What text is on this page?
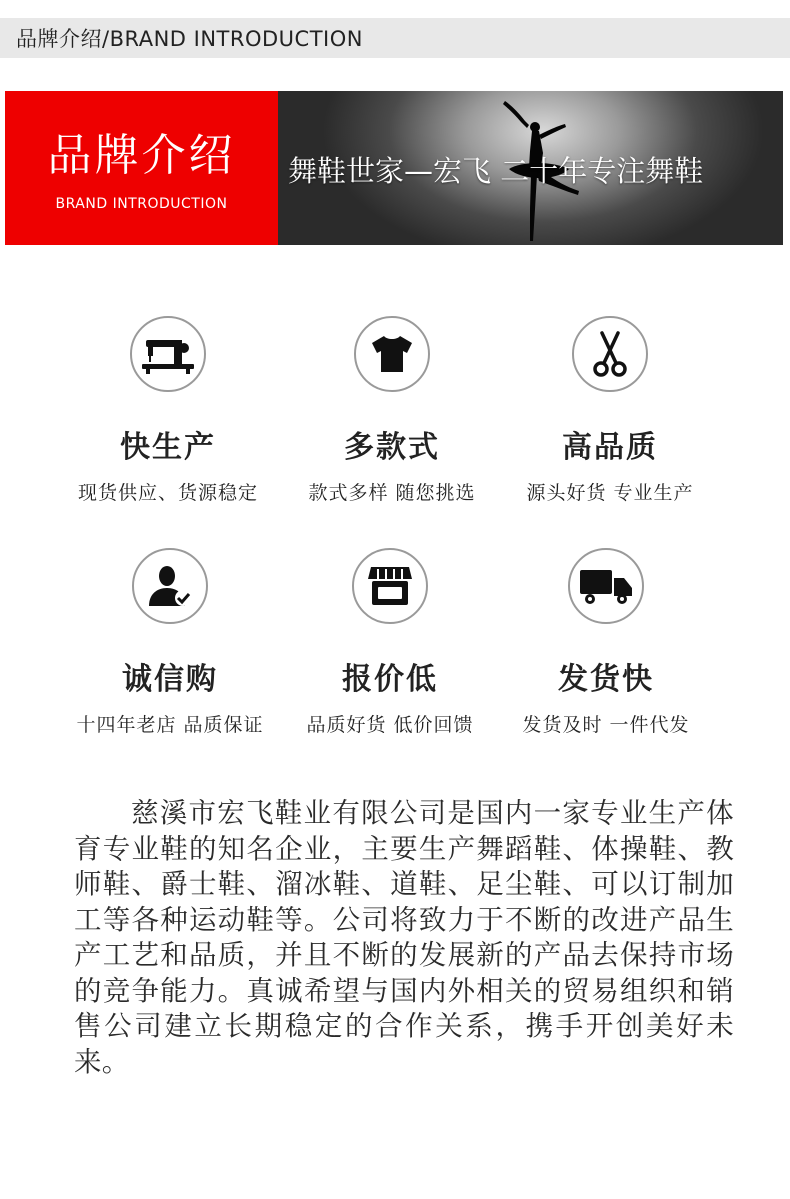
品牌介绍/BRAND INTRODUCTION
品牌介绍
BRAND INTRODUCTION
舞鞋世家—宏飞 二十年专注舞鞋
快生产
现货供应、货源稳定
多款式
款式多样 随您挑选
高品质
源头好货 专业生产
诚信购
十四年老店 品质保证
报价低
品质好货 低价回馈
发货快
发货及时 一件代发
慈溪市宏飞鞋业有限公司是国内一家专业生产体育专业鞋的知名企业，主要生产舞蹈鞋、体操鞋、教师鞋、爵士鞋、溜冰鞋、道鞋、足尘鞋、可以订制加工等各种运动鞋等。公司将致力于不断的改进产品生产工艺和品质，并且不断的发展新的产品去保持市场的竞争能力。真诚希望与国内外相关的贸易组织和销售公司建立长期稳定的合作关系，携手开创美好未来。
